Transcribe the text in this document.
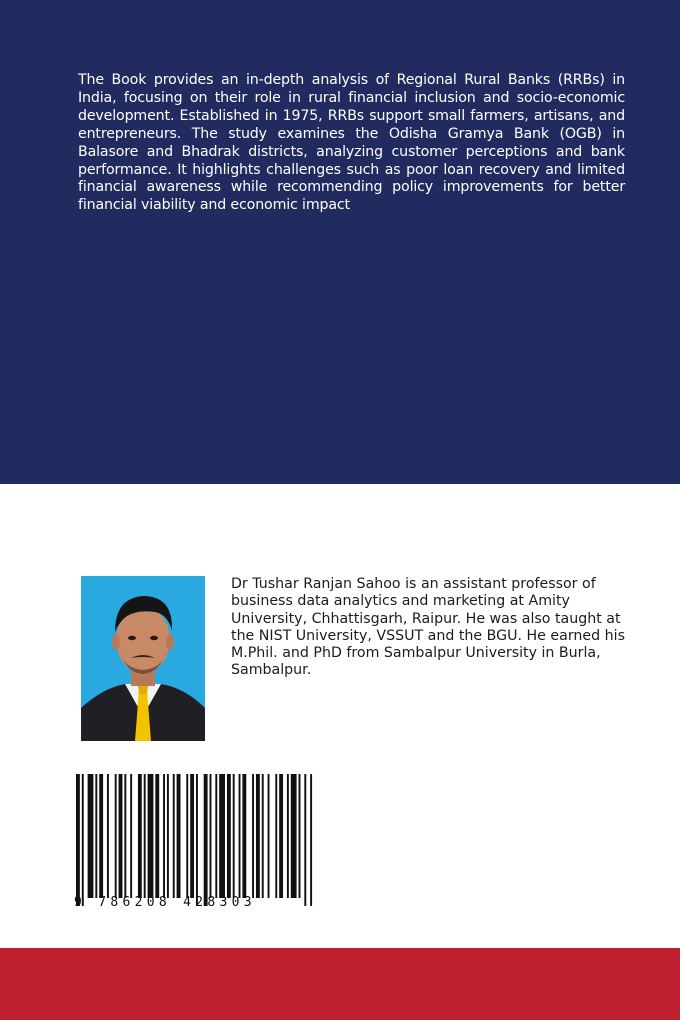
The Book provides an in-depth analysis of Regional Rural Banks (RRBs) in India, focusing on their role in rural financial inclusion and socio-economic development. Established in 1975, RRBs support small farmers, artisans, and entrepreneurs. The study examines the Odisha Gramya Bank (OGB) in Balasore and Bhadrak districts, analyzing customer perceptions and bank performance. It highlights challenges such as poor loan recovery and limited financial awareness while recommending policy improvements for better financial viability and economic impact

Dr Tushar Ranjan Sahoo is an assistant professor of business data analytics and marketing at Amity University, Chhattisgarh, Raipur. He was also taught at the NIST University, VSSUT and the BGU. He earned his M.Phil. and PhD from Sambalpur University in Burla, Sambalpur.

9 786208 428303
